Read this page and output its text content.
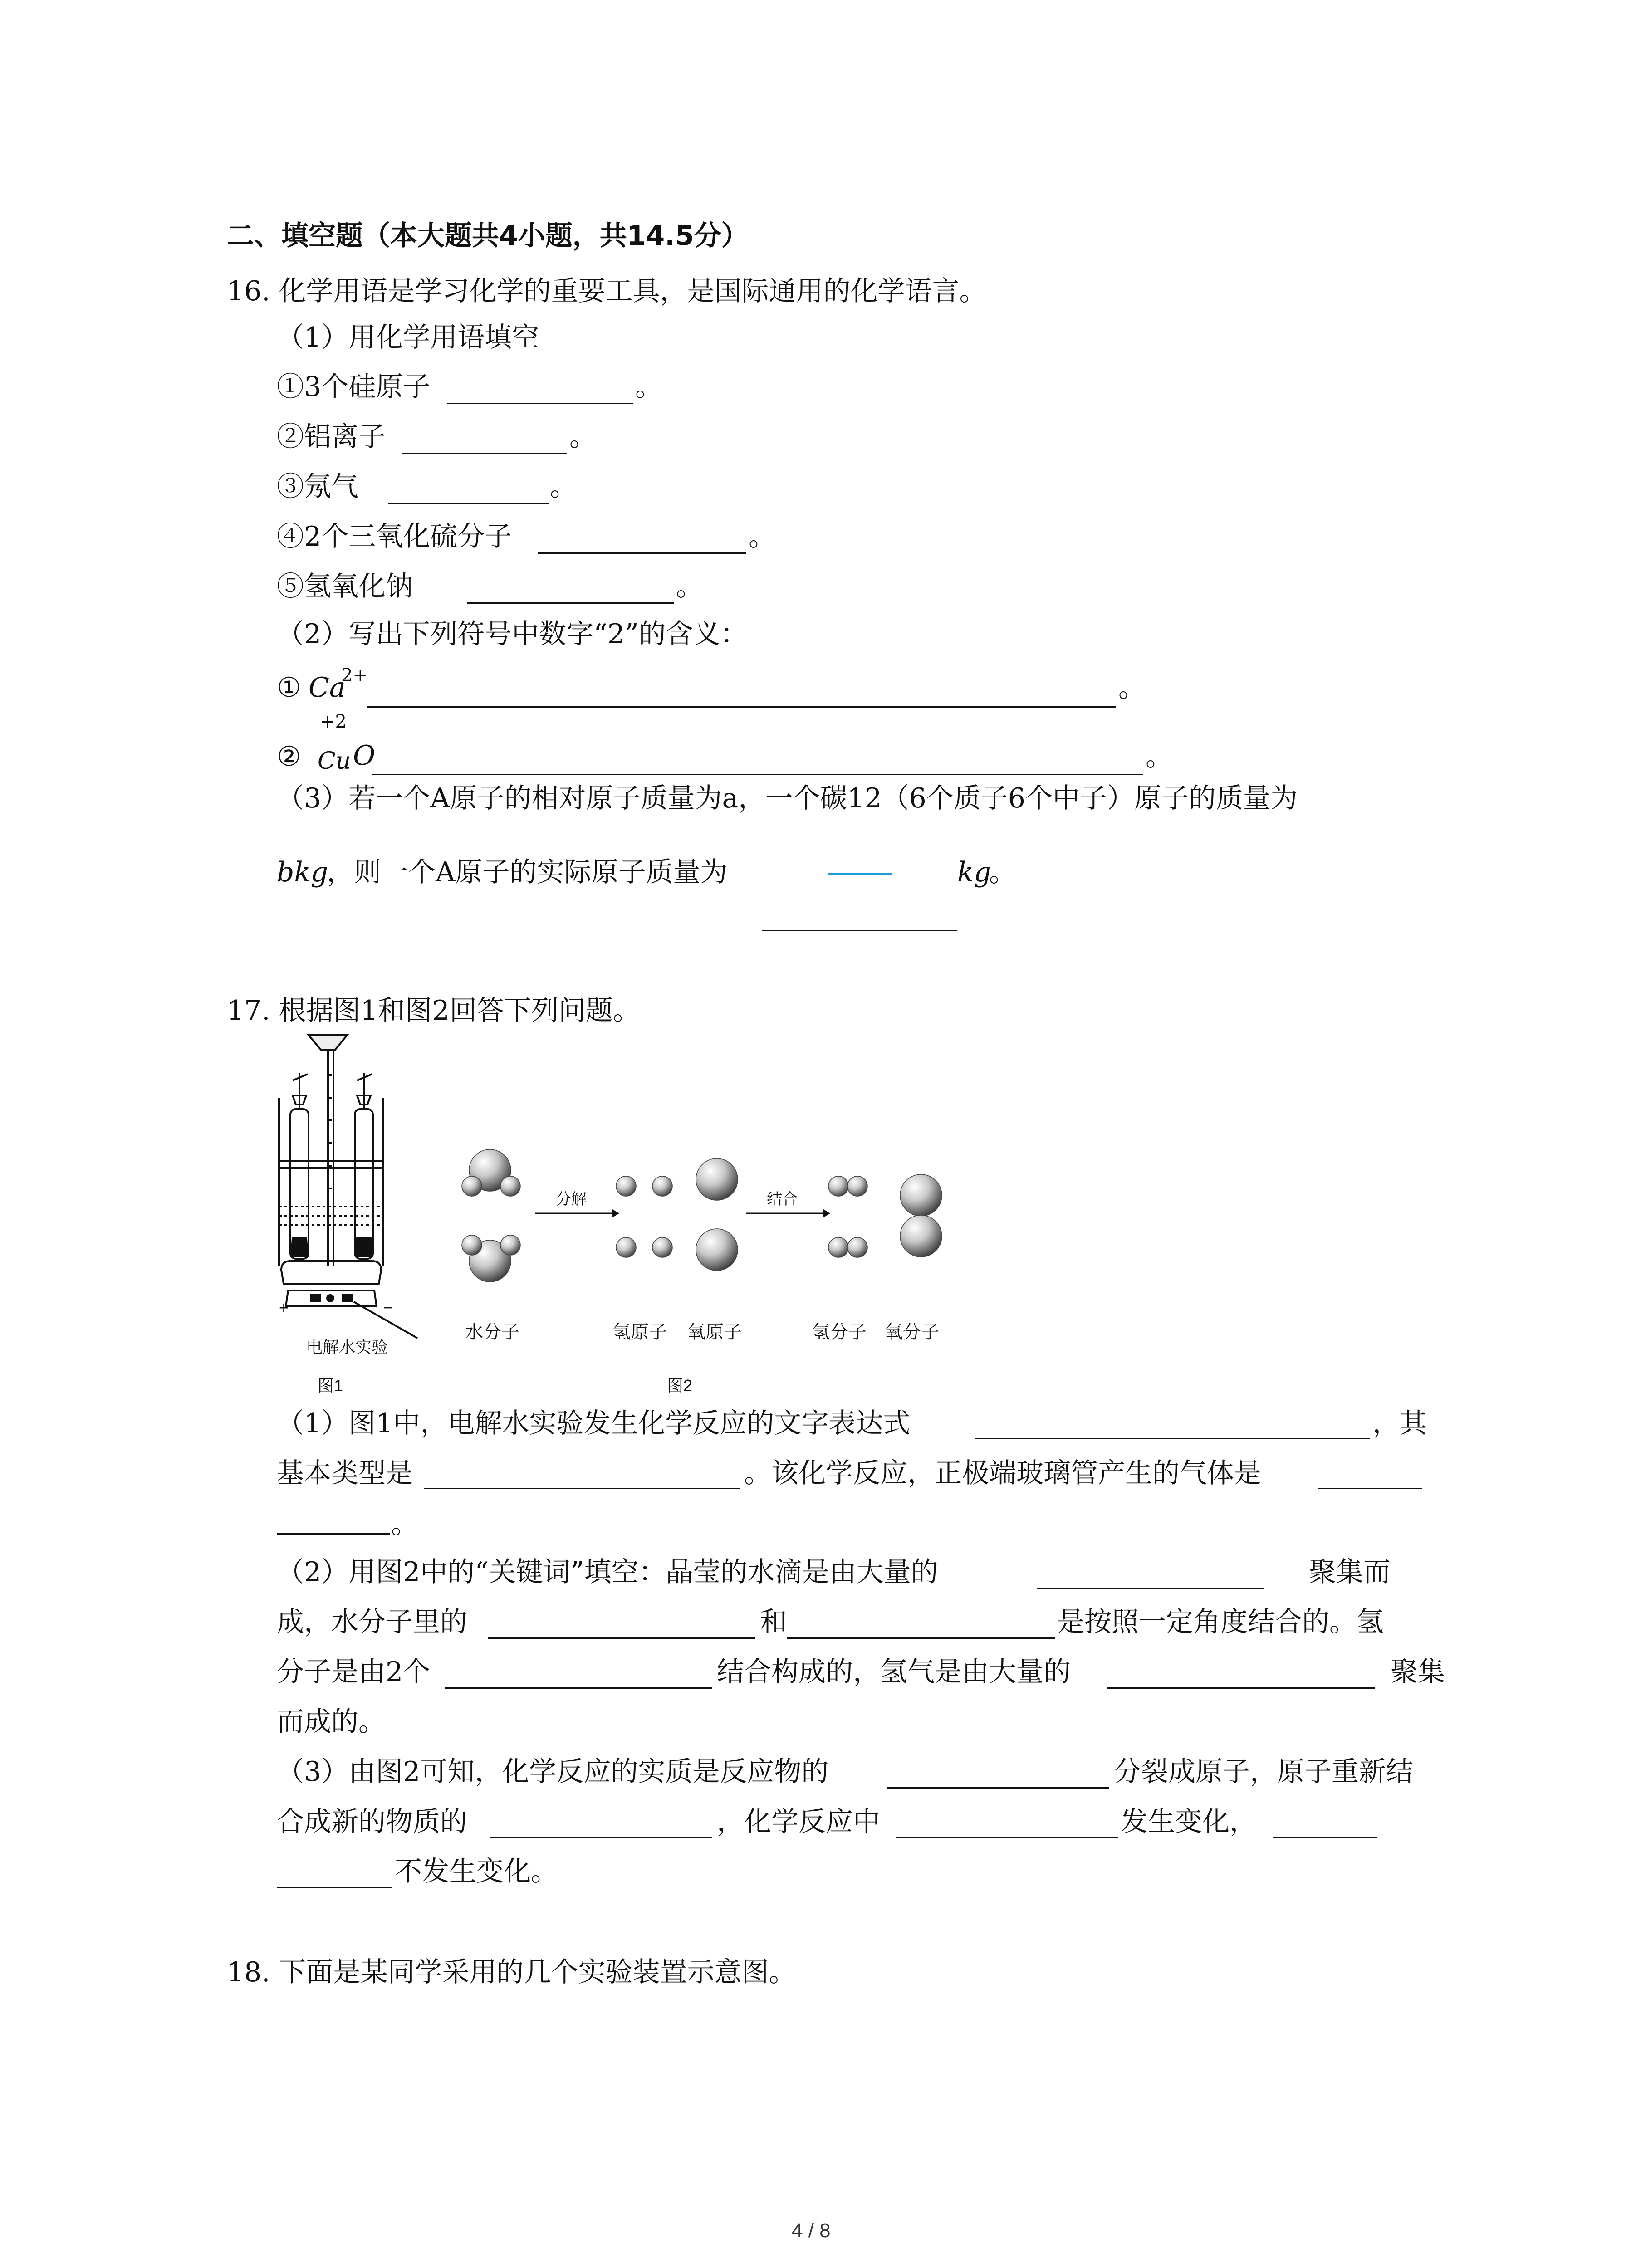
二、填空题（本大题共4小题，共14.5分）
16. 化学用语是学习化学的重要工具，是国际通用的化学语言。
（1）用化学用语填空
①3个硅原子	。
②铝离子	。
③氖气	。
④2个三氧化硫分子	。
⑤氢氧化钠	。
（2）写出下列符号中数字“2”的含义：
① Ca
2+	。
+2
② Cu O	。
（3）若一个A原子的相对原子质量为a，一个碳12（6个质子6个中子）原子的质量为
bkg
，则一个A原子的实际原子质量为	kg
。
17. 根据图1和图2回答下列问题。
+	−
电解水实验
图1
分解	结合
水分子	氢原子 氧原子	氢分子 氧分子
图2
（1）图1中，电解水实验发生化学反应的文字表达式	，其
基本类型是	。该化学反应，正极端玻璃管产生的气体是
。
（2）用图2中的“关键词”填空：晶莹的水滴是由大量的	聚集而
成，水分子里的	和	是按照一定角度结合的。氢
分子是由2个	结合构成的，氢气是由大量的	聚集
而成的。
（3）由图2可知，化学反应的实质是反应物的	分裂成原子，原子重新结
合成新的物质的	，化学反应中	发生变化，
不发生变化。
18. 下面是某同学采用的几个实验装置示意图。
4 / 8
